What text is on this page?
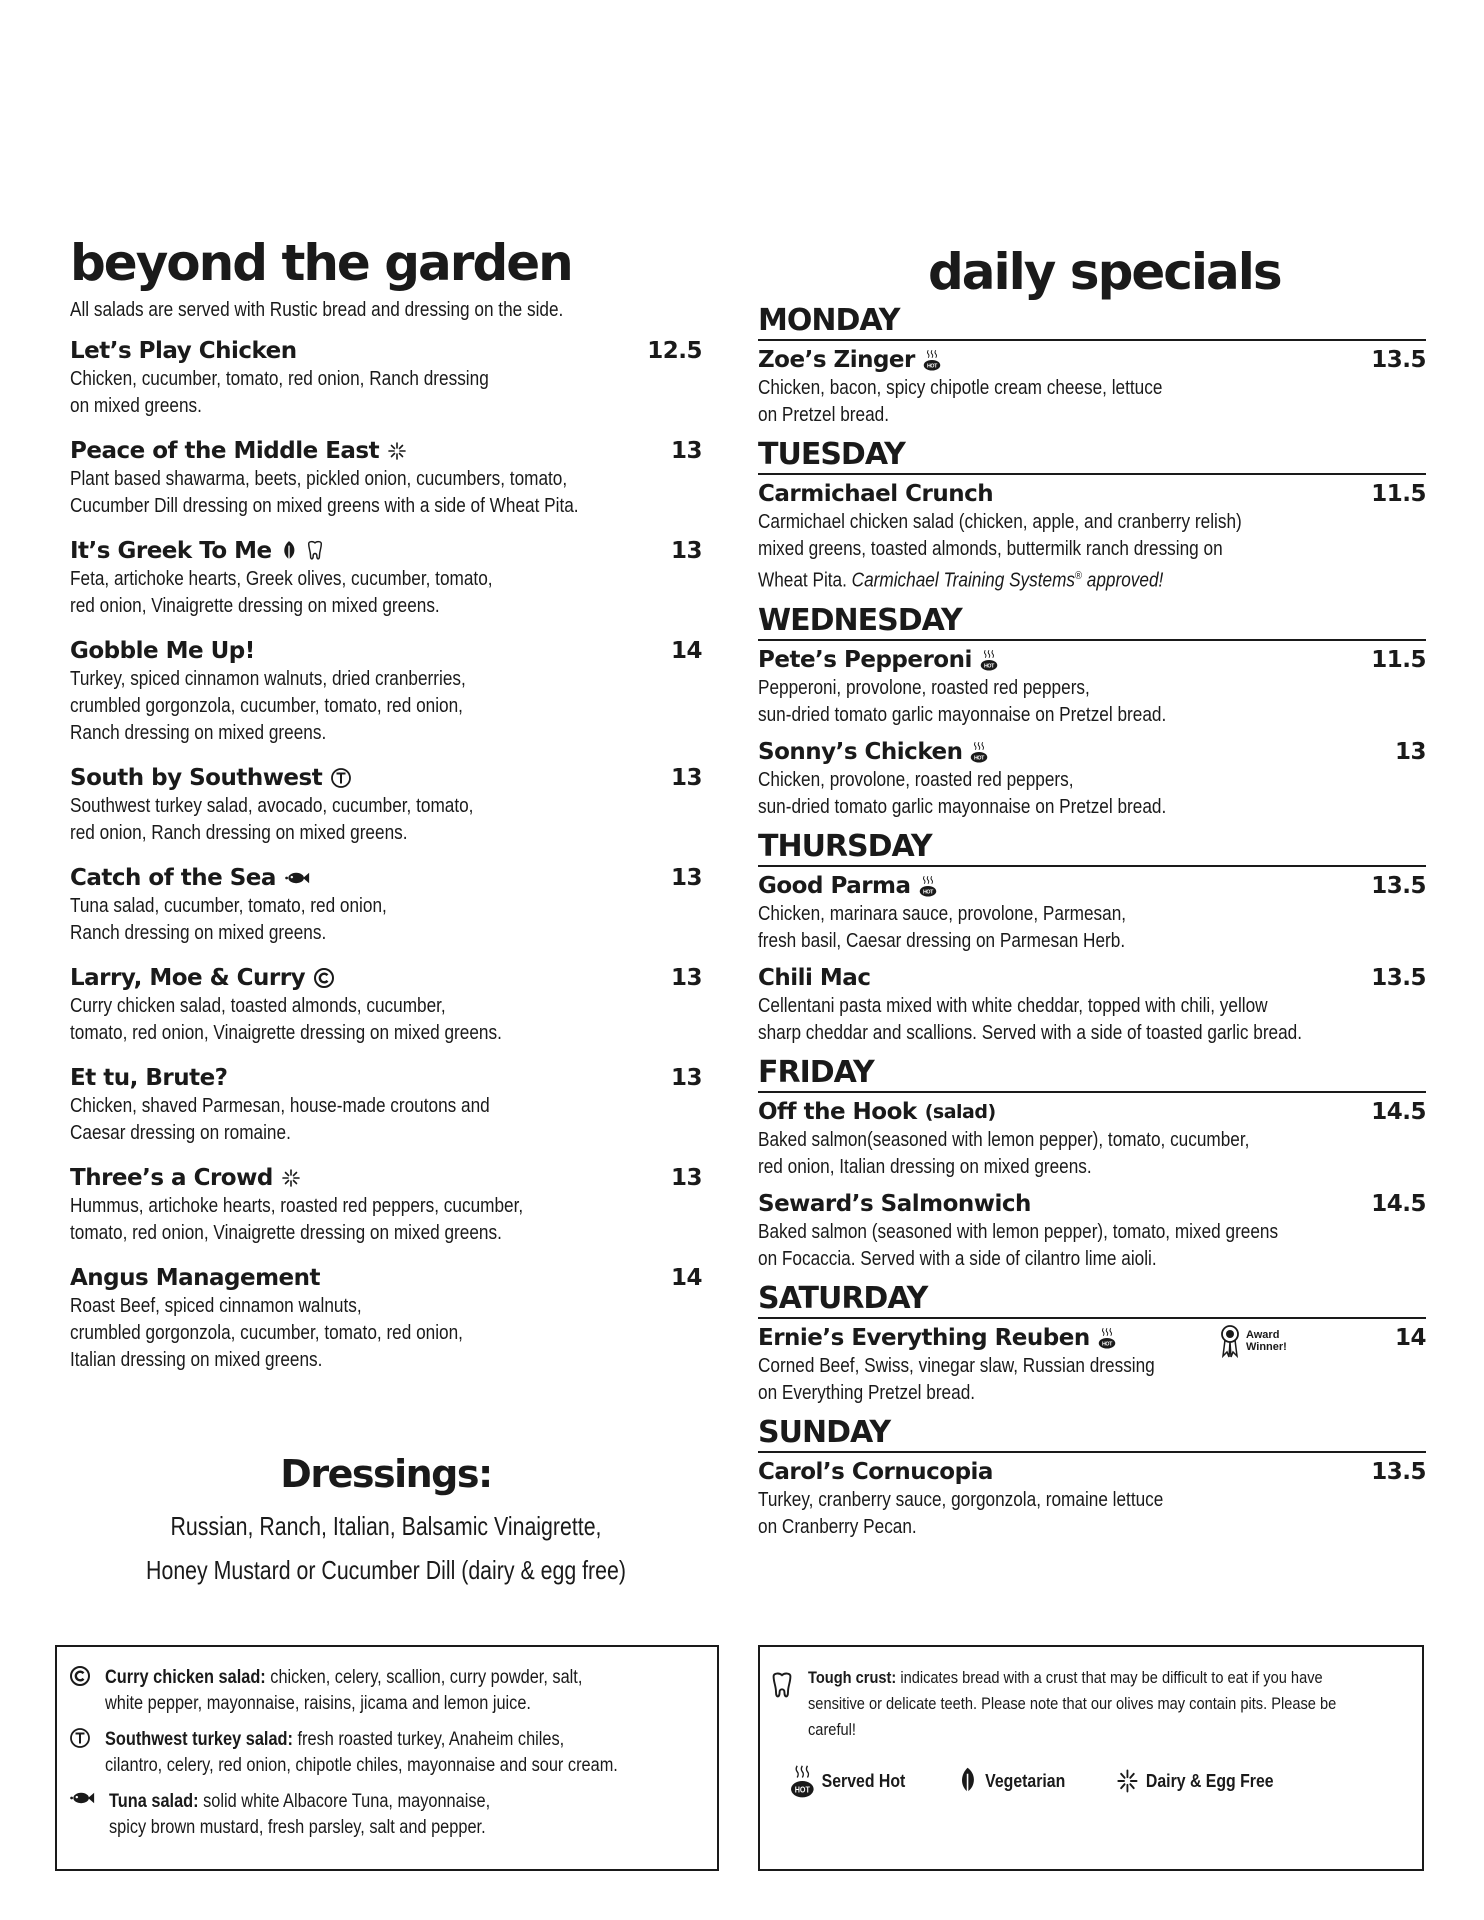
beyond the garden
All salads are served with Rustic bread and dressing on the side.
Let’s Play Chicken	12.5
Chicken, cucumber, tomato, red onion, Ranch dressing
on mixed greens.
Peace of the Middle East	13
Plant based shawarma, beets, pickled onion, cucumbers, tomato,
Cucumber Dill dressing on mixed greens with a side of Wheat Pita.
It’s Greek To Me	13
Feta, artichoke hearts, Greek olives, cucumber, tomato,
red onion, Vinaigrette dressing on mixed greens.
Gobble Me Up!	14
Turkey, spiced cinnamon walnuts, dried cranberries,
crumbled gorgonzola, cucumber, tomato, red onion,
Ranch dressing on mixed greens.
South by Southwest	13
Southwest turkey salad, avocado, cucumber, tomato,
red onion, Ranch dressing on mixed greens.
Catch of the Sea	13
Tuna salad, cucumber, tomato, red onion,
Ranch dressing on mixed greens.
Larry, Moe & Curry	13
Curry chicken salad, toasted almonds, cucumber,
tomato, red onion, Vinaigrette dressing on mixed greens.
Et tu, Brute?	13
Chicken, shaved Parmesan, house-made croutons and
Caesar dressing on romaine.
Three’s a Crowd	13
Hummus, artichoke hearts, roasted red peppers, cucumber,
tomato, red onion, Vinaigrette dressing on mixed greens.
Angus Management	14
Roast Beef, spiced cinnamon walnuts,
crumbled gorgonzola, cucumber, tomato, red onion,
Italian dressing on mixed greens.
Dressings:

Russian, Ranch, Italian, Balsamic Vinaigrette,

Honey Mustard or Cucumber Dill (dairy & egg free)

daily specials
MONDAY
Zoe’s Zinger	13.5
Chicken, bacon, spicy chipotle cream cheese, lettuce
on Pretzel bread.
TUESDAY
Carmichael Crunch	11.5
Carmichael chicken salad (chicken, apple, and cranberry relish)
mixed greens, toasted almonds, buttermilk ranch dressing on
Wheat Pita. Carmichael Training Systems® approved!
WEDNESDAY
Pete’s Pepperoni	11.5
Pepperoni, provolone, roasted red peppers,
sun-dried tomato garlic mayonnaise on Pretzel bread.
Sonny’s Chicken	13
Chicken, provolone, roasted red peppers,
sun-dried tomato garlic mayonnaise on Pretzel bread.
THURSDAY
Good Parma	13.5
Chicken, marinara sauce, provolone, Parmesan,
fresh basil, Caesar dressing on Parmesan Herb.
Chili Mac	13.5
Cellentani pasta mixed with white cheddar, topped with chili, yellow
sharp cheddar and scallions. Served with a side of toasted garlic bread.
FRIDAY
Off the Hook (salad)	14.5
Baked salmon(seasoned with lemon pepper), tomato, cucumber,
red onion, Italian dressing on mixed greens.
Seward’s Salmonwich	14.5
Baked salmon (seasoned with lemon pepper), tomato, mixed greens
on Focaccia. Served with a side of cilantro lime aioli.
SATURDAY
Ernie’s Everything Reuben	14
Award Winner!
Corned Beef, Swiss, vinegar slaw, Russian dressing
on Everything Pretzel bread.
SUNDAY
Carol’s Cornucopia	13.5
Turkey, cranberry sauce, gorgonzola, romaine lettuce
on Cranberry Pecan.
Curry chicken salad: chicken, celery, scallion, curry powder, salt,
white pepper, mayonnaise, raisins, jicama and lemon juice.
Southwest turkey salad: fresh roasted turkey, Anaheim chiles,
cilantro, celery, red onion, chipotle chiles, mayonnaise and sour cream.
Tuna salad: solid white Albacore Tuna, mayonnaise,
spicy brown mustard, fresh parsley, salt and pepper.
Tough crust: indicates bread with a crust that may be difficult to eat if you have
sensitive or delicate teeth. Please note that our olives may contain pits. Please be
careful!
Served Hot	Vegetarian	Dairy & Egg Free
